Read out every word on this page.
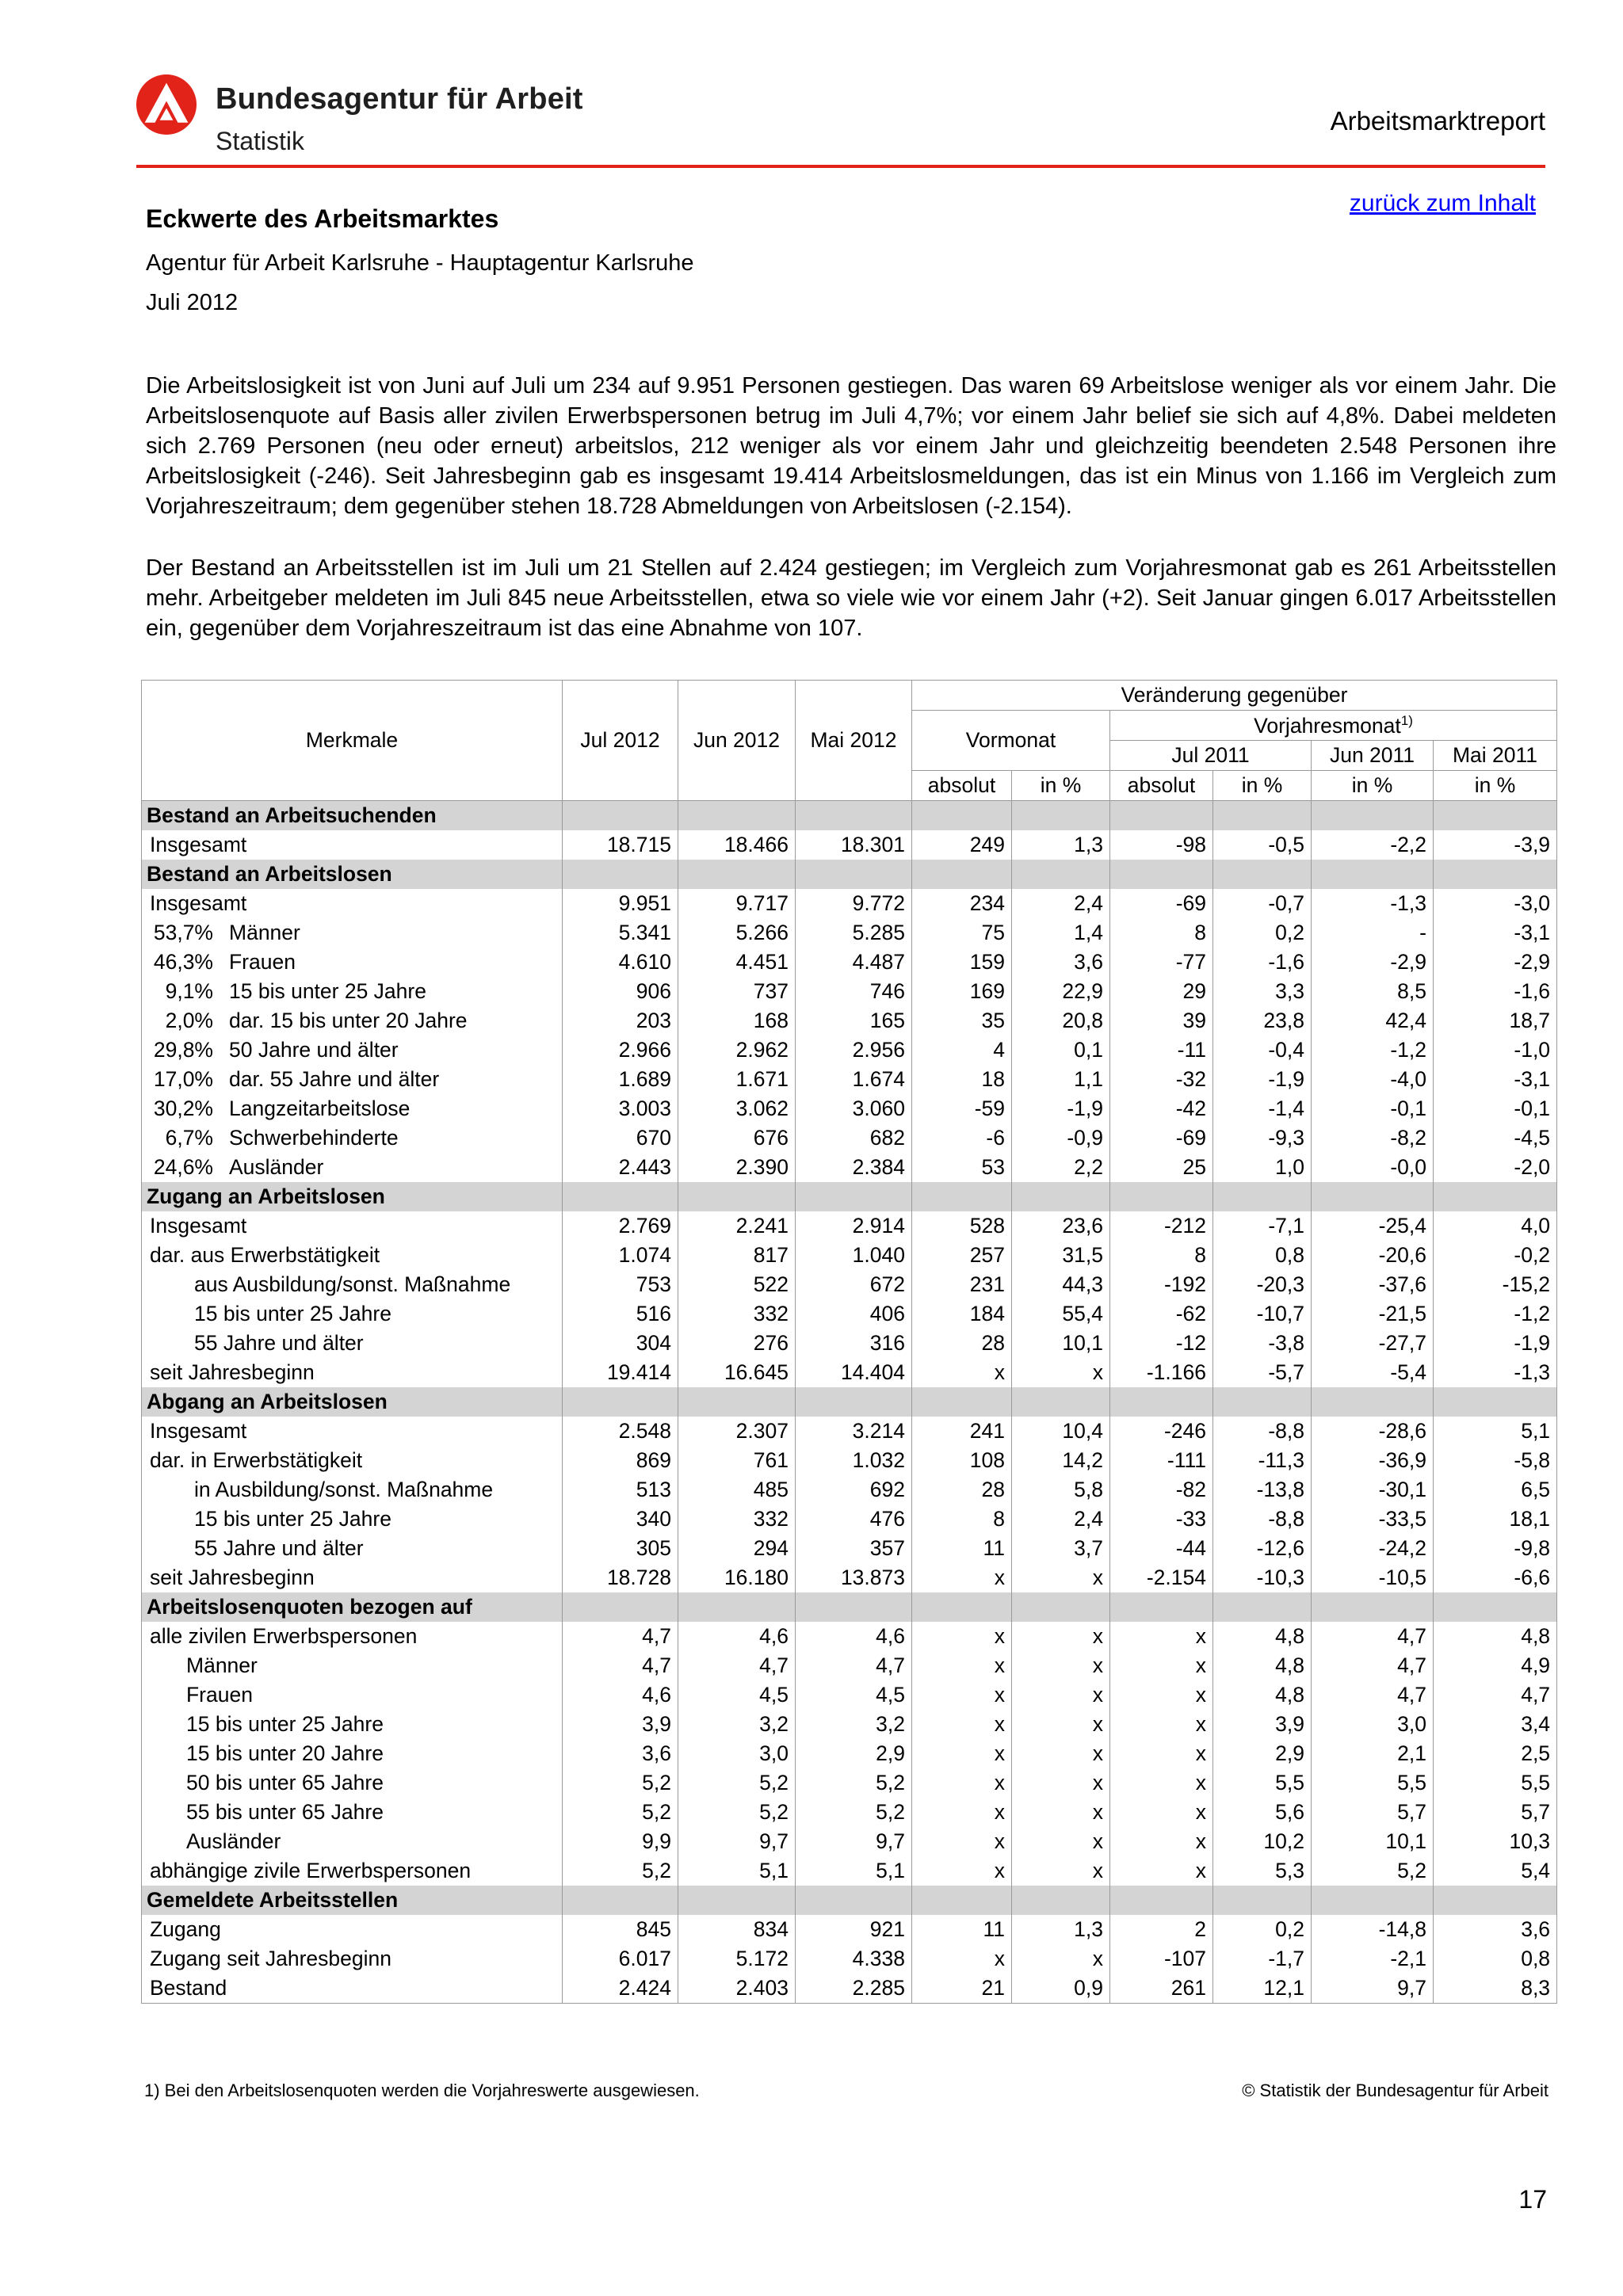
Bundesagentur für Arbeit
Statistik
Arbeitsmarktreport
zurück zum Inhalt
Eckwerte des Arbeitsmarktes
Agentur für Arbeit Karlsruhe - Hauptagentur Karlsruhe
Juli 2012

Die Arbeitslosigkeit ist von Juni auf Juli um 234 auf 9.951 Personen gestiegen. Das waren 69 Arbeitslose weniger als vor einem Jahr. Die Arbeitslosenquote auf Basis aller zivilen Erwerbspersonen betrug im Juli 4,7%; vor einem Jahr belief sie sich auf 4,8%. Dabei meldeten sich 2.769 Personen (neu oder erneut) arbeitslos, 212 weniger als vor einem Jahr und gleichzeitig beendeten 2.548 Personen ihre Arbeitslosigkeit (-246). Seit Jahresbeginn gab es insgesamt 19.414 Arbeitslosmeldungen, das ist ein Minus von 1.166 im Vergleich zum Vorjahreszeitraum; dem gegenüber stehen 18.728 Abmeldungen von Arbeitslosen (-2.154).

Der Bestand an Arbeitsstellen ist im Juli um 21 Stellen auf 2.424 gestiegen; im Vergleich zum Vorjahresmonat gab es 261 Arbeitsstellen mehr. Arbeitgeber meldeten im Juli 845 neue Arbeitsstellen, etwa so viele wie vor einem Jahr (+2). Seit Januar gingen 6.017 Arbeitsstellen ein, gegenüber dem Vorjahreszeitraum ist das eine Abnahme von 107.

Merkmale	Jul 2012	Jun 2012	Mai 2012	Veränderung gegenüber					
				Vormonat		Vorjahresmonat$^{1)}$
						Jul 2011		Jun 2011	Mai 2011
				absolut	in %	absolut	in %	in %	in %
Bestand an Arbeitsuchenden									
Insgesamt	18.715	18.466	18.301	249	1,3	-98	-0,5	-2,2	-3,9
Bestand an Arbeitslosen									
Insgesamt	9.951	9.717	9.772	234	2,4	-69	-0,7	-1,3	-3,0
53,7% Männer	5.341	5.266	5.285	75	1,4	8	0,2	-	-3,1
46,3% Frauen	4.610	4.451	4.487	159	3,6	-77	-1,6	-2,9	-2,9
9,1% 15 bis unter 25 Jahre	906	737	746	169	22,9	29	3,3	8,5	-1,6
2,0% dar. 15 bis unter 20 Jahre	203	168	165	35	20,8	39	23,8	42,4	18,7
29,8% 50 Jahre und älter	2.966	2.962	2.956	4	0,1	-11	-0,4	-1,2	-1,0
17,0% dar. 55 Jahre und älter	1.689	1.671	1.674	18	1,1	-32	-1,9	-4,0	-3,1
30,2% Langzeitarbeitslose	3.003	3.062	3.060	-59	-1,9	-42	-1,4	-0,1	-0,1
6,7% Schwerbehinderte	670	676	682	-6	-0,9	-69	-9,3	-8,2	-4,5
24,6% Ausländer	2.443	2.390	2.384	53	2,2	25	1,0	-0,0	-2,0
Zugang an Arbeitslosen									
Insgesamt	2.769	2.241	2.914	528	23,6	-212	-7,1	-25,4	4,0
dar. aus Erwerbstätigkeit	1.074	817	1.040	257	31,5	8	0,8	-20,6	-0,2
aus Ausbildung/sonst. Maßnahme	753	522	672	231	44,3	-192	-20,3	-37,6	-15,2
15 bis unter 25 Jahre	516	332	406	184	55,4	-62	-10,7	-21,5	-1,2
55 Jahre und älter	304	276	316	28	10,1	-12	-3,8	-27,7	-1,9
seit Jahresbeginn	19.414	16.645	14.404	x	x	-1.166	-5,7	-5,4	-1,3
Abgang an Arbeitslosen									
Insgesamt	2.548	2.307	3.214	241	10,4	-246	-8,8	-28,6	5,1
dar. in Erwerbstätigkeit	869	761	1.032	108	14,2	-111	-11,3	-36,9	-5,8
in Ausbildung/sonst. Maßnahme	513	485	692	28	5,8	-82	-13,8	-30,1	6,5
15 bis unter 25 Jahre	340	332	476	8	2,4	-33	-8,8	-33,5	18,1
55 Jahre und älter	305	294	357	11	3,7	-44	-12,6	-24,2	-9,8
seit Jahresbeginn	18.728	16.180	13.873	x	x	-2.154	-10,3	-10,5	-6,6
Arbeitslosenquoten bezogen auf									
alle zivilen Erwerbspersonen	4,7	4,6	4,6	x	x	x	4,8	4,7	4,8
Männer	4,7	4,7	4,7	x	x	x	4,8	4,7	4,9
Frauen	4,6	4,5	4,5	x	x	x	4,8	4,7	4,7
15 bis unter 25 Jahre	3,9	3,2	3,2	x	x	x	3,9	3,0	3,4
15 bis unter 20 Jahre	3,6	3,0	2,9	x	x	x	2,9	2,1	2,5
50 bis unter 65 Jahre	5,2	5,2	5,2	x	x	x	5,5	5,5	5,5
55 bis unter 65 Jahre	5,2	5,2	5,2	x	x	x	5,6	5,7	5,7
Ausländer	9,9	9,7	9,7	x	x	x	10,2	10,1	10,3
abhängige zivile Erwerbspersonen	5,2	5,1	5,1	x	x	x	5,3	5,2	5,4
Gemeldete Arbeitsstellen									
Zugang	845	834	921	11	1,3	2	0,2	-14,8	3,6
Zugang seit Jahresbeginn	6.017	5.172	4.338	x	x	-107	-1,7	-2,1	0,8
Bestand	2.424	2.403	2.285	21	0,9	261	12,1	9,7	8,3
1) Bei den Arbeitslosenquoten werden die Vorjahreswerte ausgewiesen.	© Statistik der Bundesagentur für Arbeit
17
